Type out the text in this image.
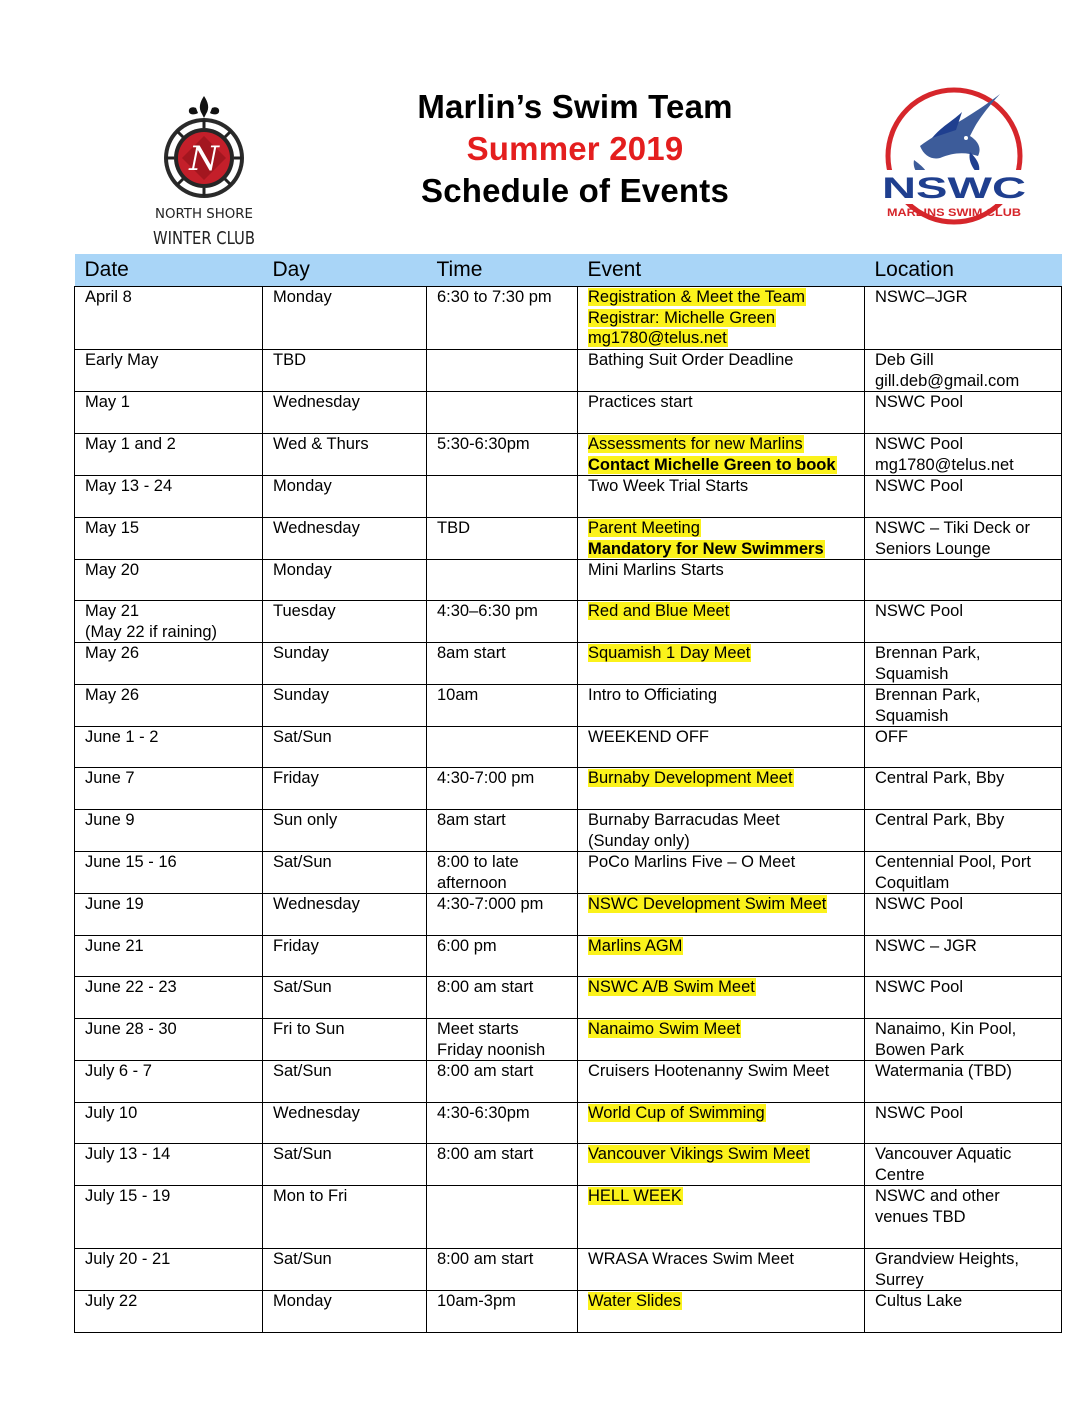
Marlin’s Swim Team
Summer 2019
Schedule of Events
N
NORTH SHORE
WINTER CLUB
NSWC
MARLINS SWIM CLUB
Date	Day	Time	Event	Location

April 8	Monday	6:30 to 7:30 pm	Registration & Meet the Team
Registrar: Michelle Green
mg1780@telus.net	NSWC–JGR

Early May	TBD		Bathing Suit Order Deadline	Deb Gill
gill.deb@gmail.com

May 1	Wednesday		Practices start	NSWC Pool

May 1 and 2	Wed & Thurs	5:30-6:30pm	Assessments for new Marlins
Contact Michelle Green to book	NSWC Pool
mg1780@telus.net

May 13 - 24	Monday		Two Week Trial Starts	NSWC Pool

May 15	Wednesday	TBD	Parent Meeting
Mandatory for New Swimmers	NSWC – Tiki Deck or
Seniors Lounge

May 20	Monday		Mini Marlins Starts	

May 21
(May 22 if raining)	Tuesday	4:30–6:30 pm	Red and Blue Meet	NSWC Pool

May 26	Sunday	8am start	Squamish 1 Day Meet	Brennan Park,
Squamish

May 26	Sunday	10am	Intro to Officiating	Brennan Park,
Squamish

June 1 - 2	Sat/Sun		WEEKEND OFF	OFF

June 7	Friday	4:30-7:00 pm	Burnaby Development Meet	Central Park, Bby

June 9	Sun only	8am start	Burnaby Barracudas Meet
(Sunday only)	Central Park, Bby

June 15 - 16	Sat/Sun	8:00 to late
afternoon	PoCo Marlins Five – O Meet	Centennial Pool, Port
Coquitlam

June 19	Wednesday	4:30-7:000 pm	NSWC Development Swim Meet	NSWC Pool

June 21	Friday	6:00 pm	Marlins AGM	NSWC – JGR

June 22 - 23	Sat/Sun	8:00 am start	NSWC A/B Swim Meet	NSWC Pool

June 28 - 30	Fri to Sun	Meet starts
Friday noonish	Nanaimo Swim Meet	Nanaimo, Kin Pool,
Bowen Park

July 6 - 7	Sat/Sun	8:00 am start	Cruisers Hootenanny Swim Meet	Watermania (TBD)

July 10	Wednesday	4:30-6:30pm	World Cup of Swimming	NSWC Pool

July 13 - 14	Sat/Sun	8:00 am start	Vancouver Vikings Swim Meet	Vancouver Aquatic
Centre

July 15 - 19	Mon to Fri		HELL WEEK	NSWC and other
venues TBD

July 20 - 21	Sat/Sun	8:00 am start	WRASA Wraces Swim Meet	Grandview Heights,
Surrey

July 22	Monday	10am-3pm	Water Slides	Cultus Lake
